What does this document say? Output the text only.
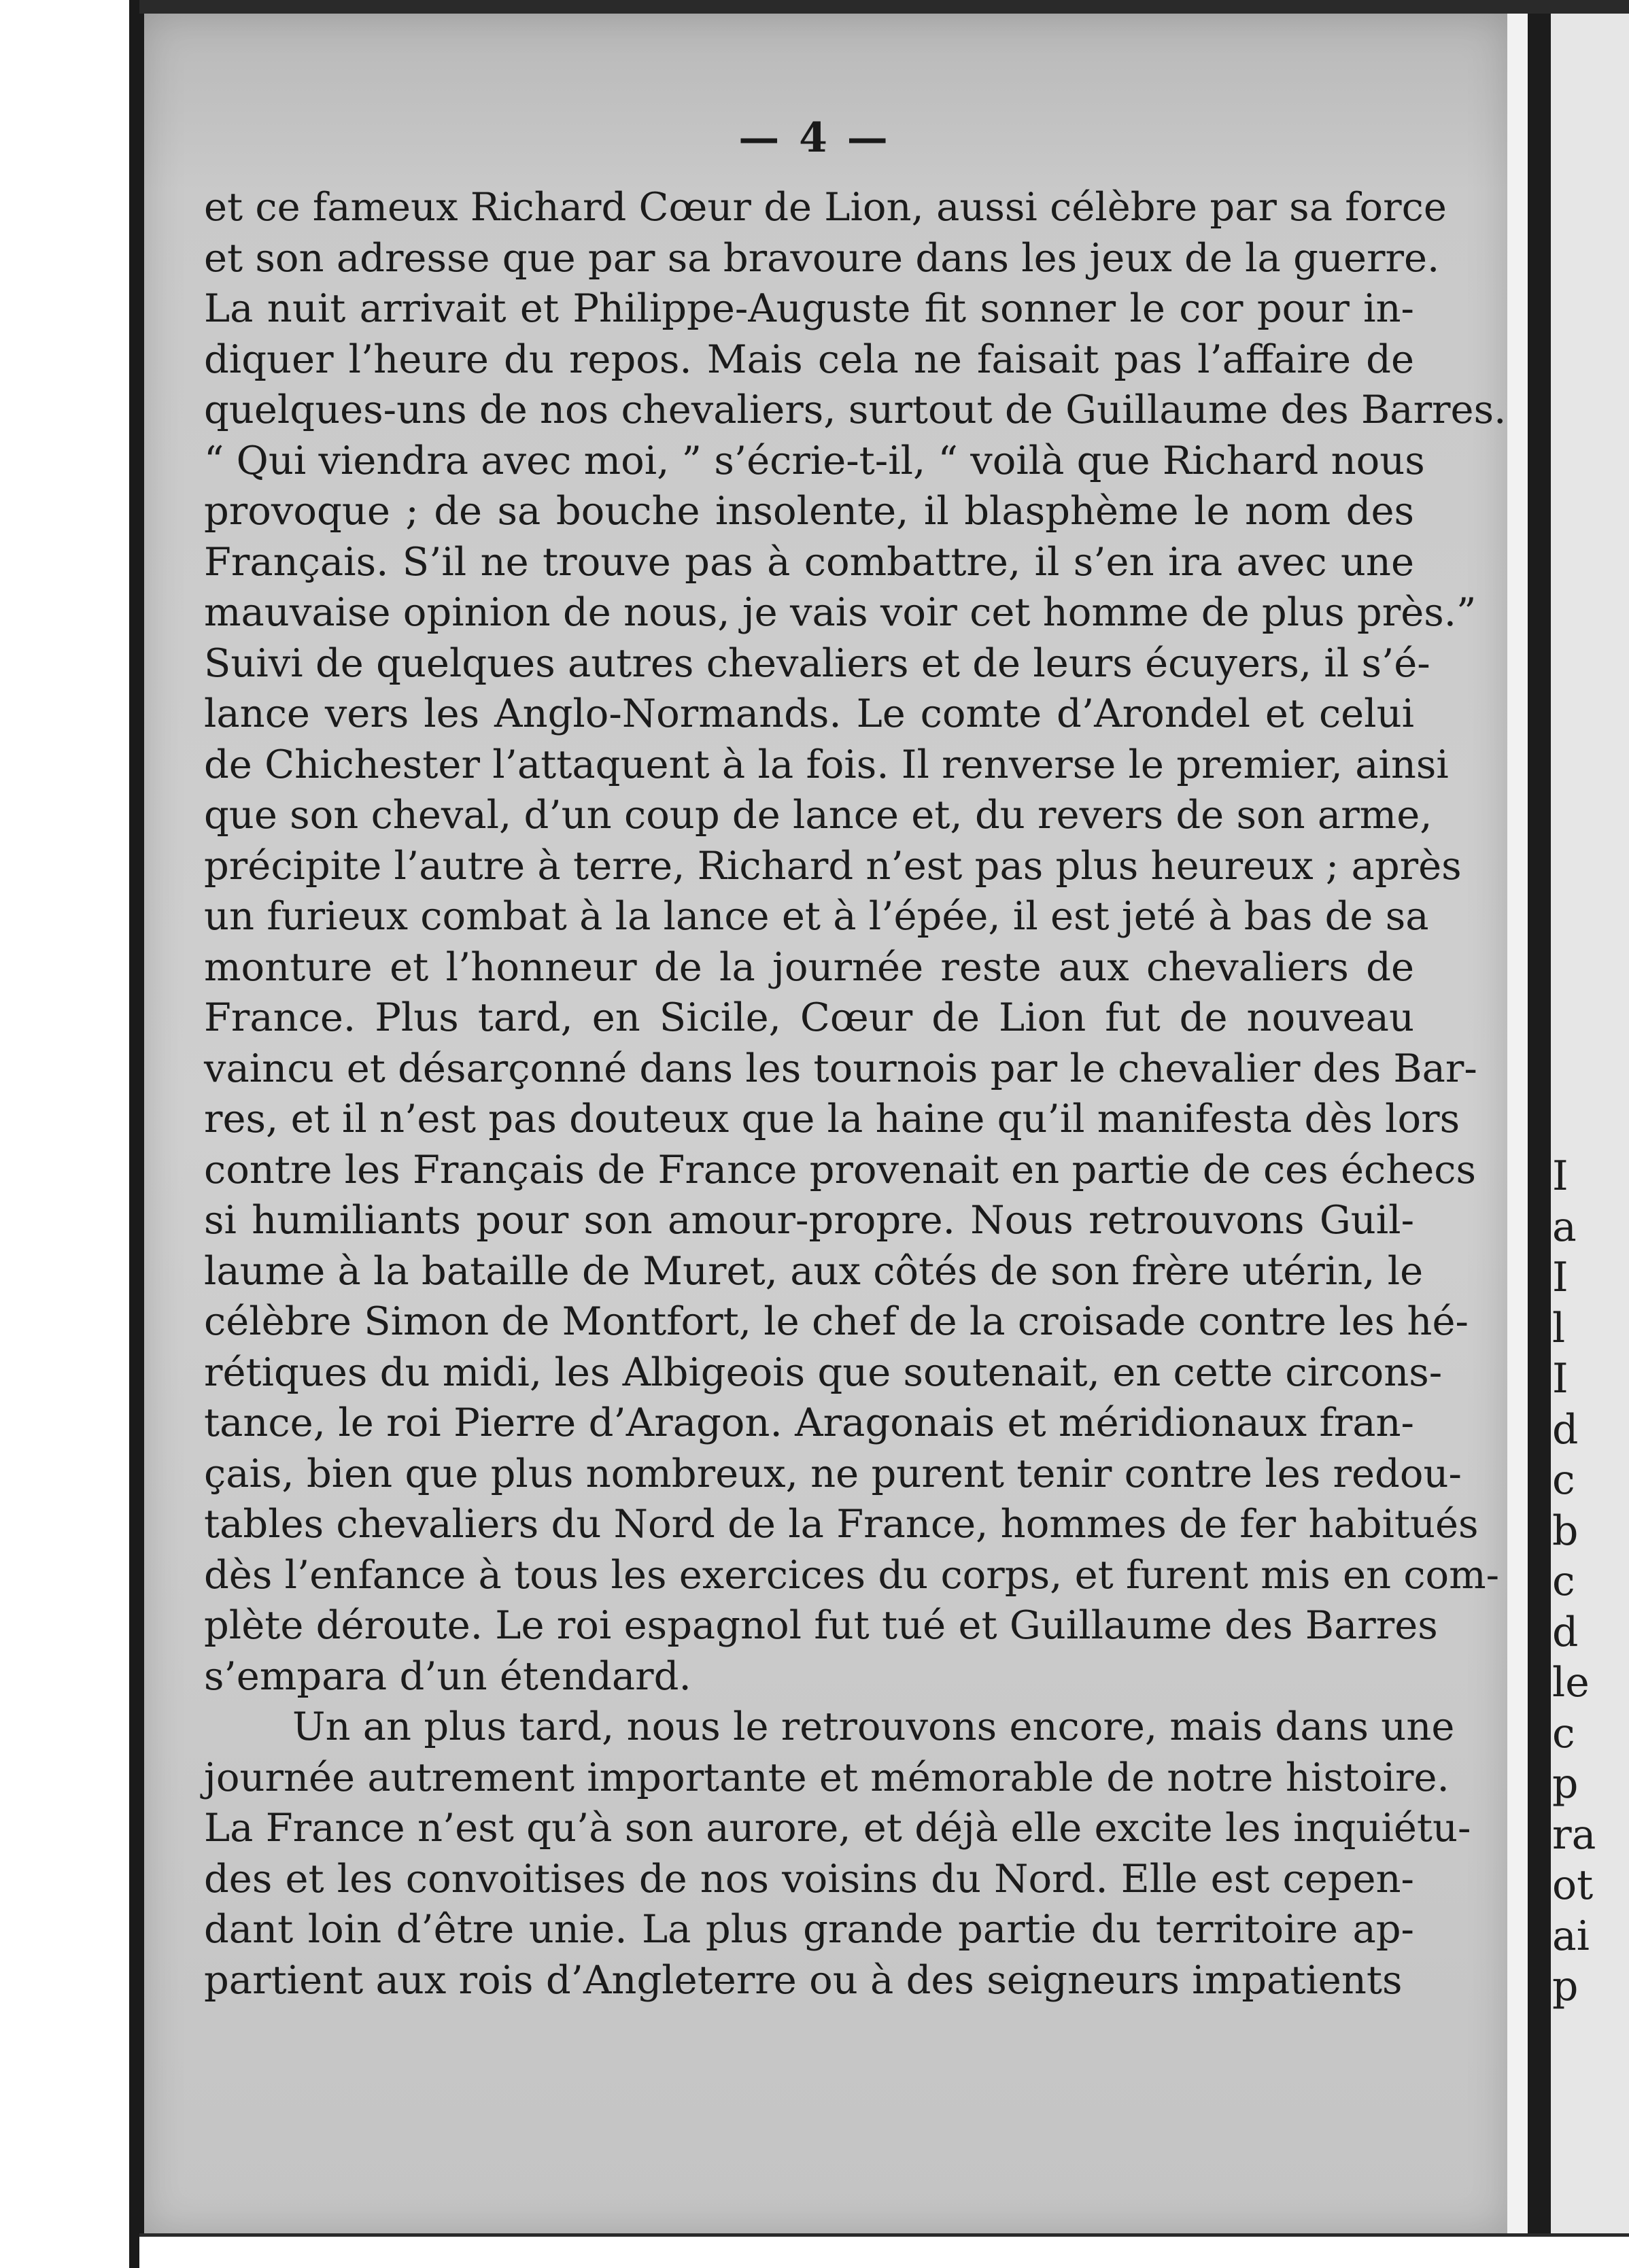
I
a
I
l
I
d
c
b
c
d
le
c
p
ra
ot
ai
p
— 4 —
et ce fameux Richard Cœur de Lion, aussi célèbre par sa force
et son adresse que par sa bravoure dans les jeux de la guerre.
La nuit arrivait et Philippe-Auguste fit sonner le cor pour in-
diquer l’heure du repos. Mais cela ne faisait pas l’affaire de
quelques-uns de nos chevaliers, surtout de Guillaume des Barres.
“ Qui viendra avec moi, ” s’écrie-t-il, “ voilà que Richard nous
provoque ; de sa bouche insolente, il blasphème le nom des
Français. S’il ne trouve pas à combattre, il s’en ira avec une
mauvaise opinion de nous, je vais voir cet homme de plus près.”
Suivi de quelques autres chevaliers et de leurs écuyers, il s’é-
lance vers les Anglo-Normands. Le comte d’Arondel et celui
de Chichester l’attaquent à la fois. Il renverse le premier, ainsi
que son cheval, d’un coup de lance et, du revers de son arme,
précipite l’autre à terre, Richard n’est pas plus heureux ; après
un furieux combat à la lance et à l’épée, il est jeté à bas de sa
monture et l’honneur de la journée reste aux chevaliers de
France. Plus tard, en Sicile, Cœur de Lion fut de nouveau
vaincu et désarçonné dans les tournois par le chevalier des Bar-
res, et il n’est pas douteux que la haine qu’il manifesta dès lors
contre les Français de France provenait en partie de ces échecs
si humiliants pour son amour-propre. Nous retrouvons Guil-
laume à la bataille de Muret, aux côtés de son frère utérin, le
célèbre Simon de Montfort, le chef de la croisade contre les hé-
rétiques du midi, les Albigeois que soutenait, en cette circons-
tance, le roi Pierre d’Aragon. Aragonais et méridionaux fran-
çais, bien que plus nombreux, ne purent tenir contre les redou-
tables chevaliers du Nord de la France, hommes de fer habitués
dès l’enfance à tous les exercices du corps, et furent mis en com-
plète déroute. Le roi espagnol fut tué et Guillaume des Barres
s’empara d’un étendard.
Un an plus tard, nous le retrouvons encore, mais dans une
journée autrement importante et mémorable de notre histoire.
La France n’est qu’à son aurore, et déjà elle excite les inquiétu-
des et les convoitises de nos voisins du Nord. Elle est cepen-
dant loin d’être unie. La plus grande partie du territoire ap-
partient aux rois d’Angleterre ou à des seigneurs impatients
